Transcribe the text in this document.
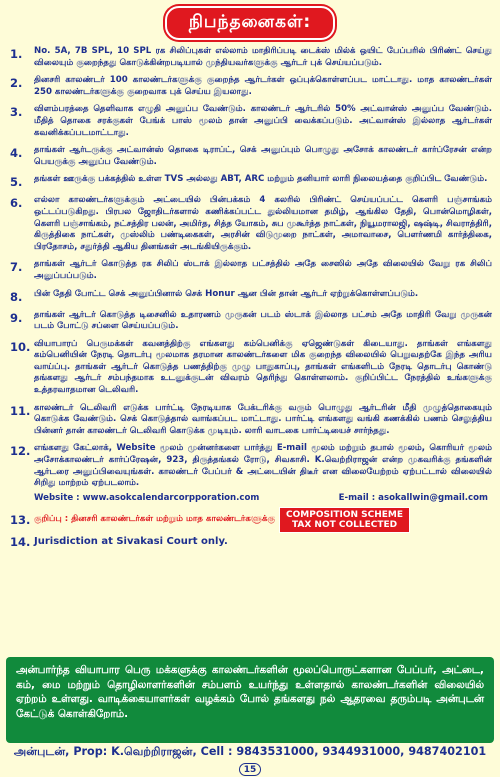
நிபந்தனைகள்:
1.	No. 5A, 7B SPL, 10 SPL ரக சிலிப்புகள் எல்லாம் மாதிரிப்படி டைக்ஸ் மில்க் ஒயிட் பேப்பரில் பிரிண்ட் செய்து விலையும் குறைந்தது கொடுக்கின்றபடியால் முந்தியவர்களுக்கு ஆர்டர் புக் செய்யப்படும்.
2.	தினசரி காலண்டர் 100 காலண்டர்களுக்கு குறைந்த ஆர்டர்கள் ஒப்புக்கொள்ளப்பட மாட்டாது. மாத காலண்டர்கள் 250 காலண்டர்களுக்கு குறைவாக புக் செய்ய இயலாது.
3.	விளம்பரத்தை தெளிவாக எழுதி அனுப்ப வேண்டும். காலண்டர் ஆர்டரில் 50% அட்வான்ஸ் அனுப்ப வேண்டும். மீதித் தொகை சரக்குகள் பேங்க் பாஸ் மூலம் தான் அனுப்பி வைக்கப்படும். அட்வான்ஸ் இல்லாத ஆர்டர்கள் கவனிக்கப்படமாட்டாது.
4.	தாங்கள் ஆர்டருக்கு அட்வான்ஸ் தொகை டிராப்ட், செக் அனுப்பும் பொழுது அசோக் காலண்டர் கார்ப்ரேசன் என்ற பெயருக்கு அனுப்ப வேண்டும்.
5.	தங்கள் ஊருக்கு பக்கத்தில் உள்ள TVS அல்லது ABT, ARC மற்றும் தனியார் லாரி நிலையத்தை குறிப்பிட வேண்டும்.
6.	எல்லா காலண்டர்களுக்கும் அட்டையில் பின்பக்கம் 4 கலரில் பிரிண்ட் செய்யப்பட்ட கௌரி பஞ்சாங்கம் ஒட்டப்படுகிறது. பிரபல ஜோதிடர்களால் கணிக்கப்பட்ட துல்லியமான தமிழ், ஆங்கில தேதி, பொன்மொழிகள், கௌரி பஞ்சாங்கம், நட்சத்திர பலன், அமிர்த, சித்த யோகம், சுப முகூர்த்த நாட்கள், நியூமராலஜி, ஷஷ்டி, சிவராத்திரி, கிருத்திகை நாட்கள், முஸ்லிம் பண்டிகைகள், அரசின் விடுமுறை நாட்கள், அமாவாசை, பௌர்ணமி கார்த்திகை, பிரதோசம், சதுர்த்தி ஆகிய தினங்கள் அடங்கியிருக்கும்.
7.	தாங்கள் ஆர்டர் கொடுத்த ரக சிலிப் ஸ்டாக் இல்லாத பட்சத்தில் அதே சைஸில் அதே விலையில் வேறு ரக சிலிப் அனுப்பப்படும்.
8.	பின் தேதி போட்ட செக் அனுப்பினால் செக் Honur ஆன பின் தான் ஆர்டர் ஏற்றுக்கொள்ளப்படும்.
9.	தாங்கள் ஆர்டர் கொடுத்த டிசைனில் உதாரணம் முருகன் படம் ஸ்டாக் இல்லாத பட்சம் அதே மாதிரி வேறு முருகன் படம் போட்டு சப்ளை செய்யப்படும்.
10. வியாபாரப் பெருமக்கள் கவனத்திற்கு எங்களது கம்பெனிக்கு ஏஜெண்டுகள் கிடையாது. தாங்கள் எங்களது கம்பெனியின் நேரடி தொடர்பு மூலமாக தரமான காலண்டர்களை மிக குறைந்த விலையில் பெறுவதற்கே இந்த அரிய வாய்ப்பு. தாங்கள் ஆர்டர் கொடுத்த பணத்திற்கு முழு பாதுகாப்பு, தாங்கள் எங்களிடம் நேரடி தொடர்பு கொண்டு தங்களது ஆர்டர் சம்பந்தமாக உடனுக்குடன் விவரம் தெரிந்து கொள்ளலாம். குறிப்பிட்ட நேரத்தில் உங்களுக்கு உத்தரவாதமான டெலிவரி.
11. காலண்டர் டெலிவரி எடுக்க பார்ட்டி நேரடியாக பேக்டரிக்கு வரும் பொழுது ஆர்டரின் மீதி முழுத்தொகையும் கொடுக்க வேண்டும். செக் கொடுத்தால் வாங்கப்பட மாட்டாது. பார்ட்டி எங்களது வங்கி கணக்கில் பணம் செலுத்திய பின்னர் தான் காலண்டர் டெலிவரி கொடுக்க முடியும். லாரி வாடகை பார்ட்டியைச் சார்ந்தது.
12. எங்களது கேட்லாக், Website மூலம் முன்னர்களை பார்த்து E-mail மூலம் மற்றும் தபால் மூலம், கொரியர் மூலம் அசோக்காலண்டர் கார்ப்ரேஷன், 923, திருத்தங்கல் ரோடு, சிவகாசி. K.வெற்றிராஜன் என்ற முகவரிக்கு தங்களின் ஆர்டரை அனுப்பிவையுங்கள். காலண்டர் பேப்பர் & அட்டையின் திடீர் என விலையேற்றம் ஏற்பட்டால் விலையில் சிறிது மாற்றம் ஏற்படலாம்.
Website : www.asokcalendarcorpporation.com	E-mail : asokallwin@gmail.com
13. குறிப்பு : தினசரி காலண்டர்கள் மற்றும் மாத காலண்டர்களுக்கு COMPOSITION SCHEME
TAX NOT COLLECTED
14. Jurisdiction at Sivakasi Court only.
அன்பார்ந்த வியாபார பெரு மக்களுக்கு காலண்டர்களின் மூலப்பொருட்களான பேப்பர், அட்டை, கம், மை மற்றும் தொழிலாளர்களின் சம்பளம் உயர்ந்து உள்ளதால் காலண்டர்களின் விலையில் ஏற்றம் உள்ளது. வாடிக்கையாளர்கள் வழக்கம் போல் தங்களது நல் ஆதரவை தரும்படி அன்புடன் கேட்டுக் கொள்கிறோம்.
அன்புடன், Prop: K.வெற்றிராஜன், Cell : 9843531000, 9344931000, 9487402101
15
